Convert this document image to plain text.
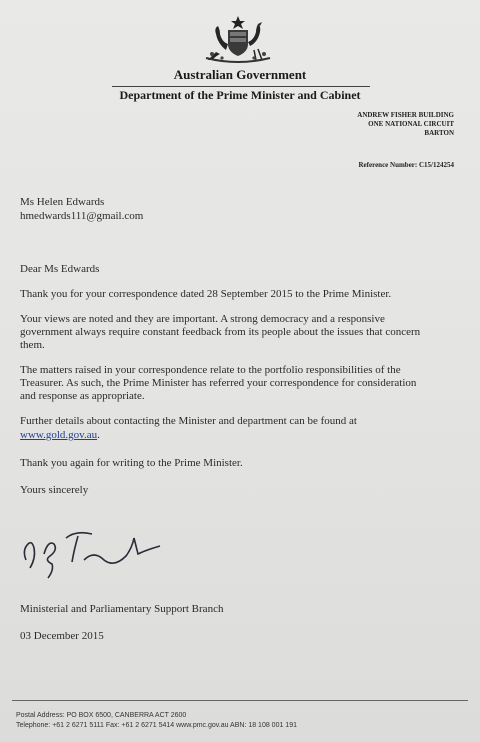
Australian Government
Department of the Prime Minister and Cabinet
ANDREW FISHER BUILDING
ONE NATIONAL CIRCUIT
BARTON
Reference Number: C15/124254
Ms Helen Edwards
hmedwards111@gmail.com
Dear Ms Edwards
Thank you for your correspondence dated 28 September 2015 to the Prime Minister.
Your views are noted and they are important. A strong democracy and a responsive
government always require constant feedback from its people about the issues that concern
them.
The matters raised in your correspondence relate to the portfolio responsibilities of the
Treasurer. As such, the Prime Minister has referred your correspondence for consideration
and response as appropriate.
Further details about contacting the Minister and department can be found at
www.gold.gov.au.
Thank you again for writing to the Prime Minister.
Yours sincerely
Ministerial and Parliamentary Support Branch
03 December 2015
Postal Address: PO BOX 6500, CANBERRA ACT 2600
Telephone: +61 2 6271 5111 Fax: +61 2 6271 5414 www.pmc.gov.au ABN: 18 108 001 191
